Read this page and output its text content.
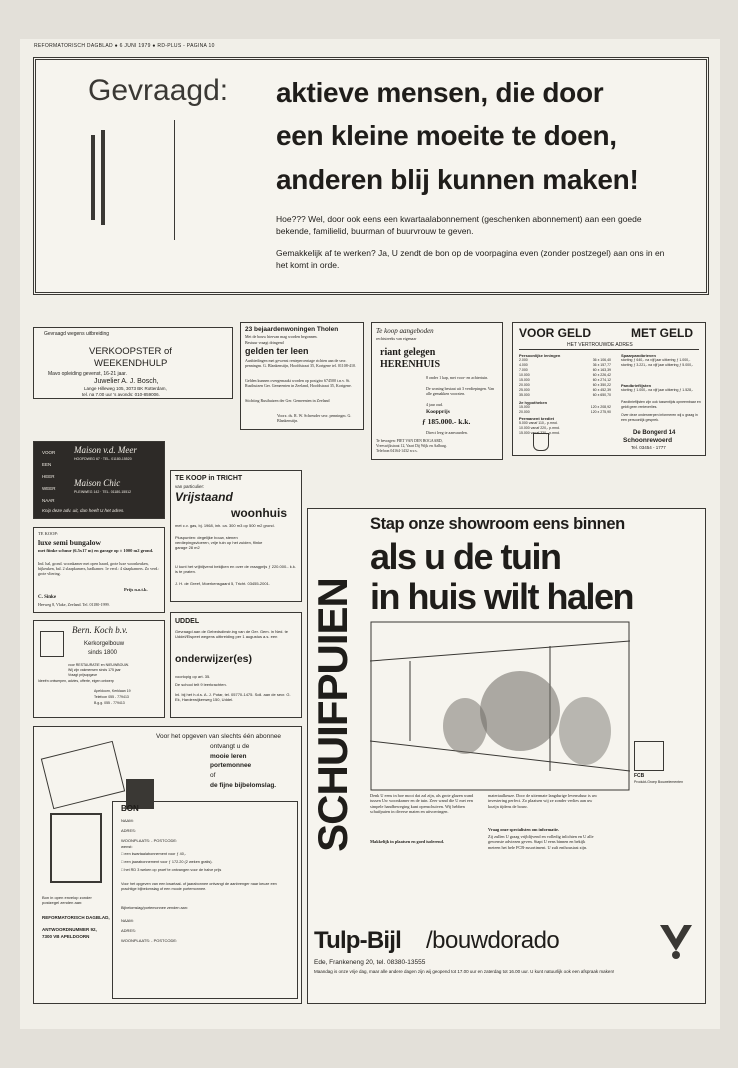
REFORMATORISCH DAGBLAD ● 6 JUNI 1979 ● RD-PLUS - PAGINA 10
Gevraagd: aktieve mensen, die door
een kleine moeite te doen,
anderen blij kunnen maken!
Hoe??? Wel, door ook eens een kwartaalabonnement (geschenken abonnement) aan een goede bekende, familielid, buurman of buurvrouw te geven.
Gemakkelijk af te werken? Ja, U zendt de bon op de voorpagina even (zonder postzegel) aan ons in en het komt in orde.
Gevraagd wegens uitbreiding
VERKOOPSTER of
WEEKENDHULP
Mavo opleiding gevenst, 16-21 jaar.
Juwelier A. J. Bosch,
Lange Hilleweg 105, 3073 BK Rotterdam,
tel. na 7.00 uur 's avonds: 010-859006.
23 bejaardenwoningen Tholen
Met de bouw hiervan mag worden begonnen.
Bestuur vraagt dringend
gelden ter leen
Aanbiedingen met gewenst rentepercentage richten aan de secr. penningm. G. Blankenstijn, Hoofdstraat 35, Kortgene tel. 01108-410.
Gelden kunnen overgemaakt worden op postgiro 674500 t.n.v. St. Rusthuizen Ger. Gemeenten in Zeeland, Hoofdstraat 35, Kortgene.
Stichting Rusthuizen der Ger. Gemeenten in Zeeland
Voorz. ds. R. W. Schreuder secr. penningm. G. Blankenstijn.
Te koop aangeboden
rechtstreeks van eigenaar
riant gelegen
HERENHUIS
8 onder 1 kap, met voor- en achtertuin.
De woning bestaat uit 3 verdiepingen. Van alle gemakken voorzien.
4 jaar oud.
Koopprijs
ƒ 185.000.- k.k.
Direct leeg te aanvaarden.
Te bevragen: PIET VAN DEN BOGAARD,
Vreeswijkstraat 12, Vaart Dij Wijk en Aalburg.
Telefoon 04164-1432 n.v.s.
VOOR GELD	MET GELD
HET VERTROUWDE ADRES
Persoonlijke leningen
2.000	36 x 106,40
4.000	36 x 157,77
7.000	60 x 163,39
10.000	60 x 226,42
15.000	60 x 274,12
20.000	60 x 350,22
25.000	60 x 452,39
35.000	60 x 650,70
2e hypotheken
15.000	120 x 208,92
20.000	120 x 275,90
Permanent krediet
5.000 vanaf 110,- p.mnd.
10.000 vanaf 220,- p.mnd.
15.000 vanaf 330,- p.mnd.
Spaarpandbrieven
storting ƒ 640,- na vijf jaar uitkering ƒ 1.000,-
storting ƒ 3.221,- na vijf jaar uitkering ƒ 5.000,-
Pandbrieflijsten
storting ƒ 1.000,- na vijf jaar uitkering ƒ 1.528,-
Pandbrieflijsten zijn ook tussentijds opneembaar en geldt geen renteverlies.
Over deze onderwerpen informeren wij u graag in een persoonlijk gesprek.
De Bongerd 14
Schoonrewoerd
Tel. 03454 - 1777
VOOR
EEN
HEER
WEER
NAAR
Maison v.d. Meer
HOOFDWEG 67 · TEL. 01180-15520
Maison Chic
PLEINWEG 142 · TEL. 01180-15512
Knip deze adv. uit, dan heeft U het adres.
TE KOOP:
luxe semi bungalow
met fiinke schuur (6.5x17 m) en garage op ± 1000 m2 grond.
Ind. hal, grond. woonkamer met open haard, grote luxe woonkeuken, bijkeuken, bal. 2 slaapkamers, badkamer. 1e verd.: 4 slaapkamers. Zo verd.: grote vliering.
Prijs n.o.t.k.
C. Sinke
Heeweg 8, Vlake, Zeeland. Tel. 01180-1999.
Bern. Koch b.v.
Kerkorgelbouw
sinds 1800
voor RESTAURATIE en NIEUWBOUW.
Wij zijn vakmensen sinds 175 jaar
Vraagt prijsopgave
Ideeën ontwerpen, advies, offerte, eigen ontwerp
Apeldoorn, Kerklaan 19
Telefoon 055 - 779413
B.g.g. 055 - 779413
TE KOOP in TRICHT
van particulier:
Vrijstaand
woonhuis
met c.v. gas, bj. 1968, inh. ca. 300 m3 op 500 m2 grond.
Pluspunten: degelijke bouw, stenen verdiepingsvloeren, vrije tuin op het zuiden, flinke garage 28 m2
U kunt het vrijblijvend bekijken en over de vraagprijs ƒ 220.000.- k.k. is te praten.
J. H. de Greef, Moerkensgaard 5, Tricht. 03455-2001.
UDDEL
Gevraagd aan de Gebedsdinstr.ing van de Ger. Gem. in Ned. te Uddel/Elspeet wegens uitbreiding per 1 augustus a.s. een
onderwijzer(es)
voorlopig op art. 35.
De school telt 9 leerkrachten.
Inl. bij het h.d.s. A. J. Potar, tel. 05770-1475. Soll. aan de secr. G. Ek, Harderwijkerweg 150, Uddel.
Voor het opgeven van slechts één abonnee
ontvangt u de
mooie leren
portemonnee
of
de fijne bijbelomslag.
BON
NAAM:
ADRES:
WOONPLAATS: - POSTCODE:
wenst:
□ een kwartaalabonnement voor ƒ 40,-
□ een jaarabonnement voor ƒ 172.20 (2 weken gratis).
□ het RD 3 weken op proef te ontvangen voor de halve prijs
Voor het opgeven van een kwartaal- of jaarabonnee ontvangt de aanbrenger naar keuze een prachtige bijbelomslag of een mooie portemonnee.
Bijbelomslag/portemonnee zenden aan:
NAAM:
ADRES:
WOONPLAATS: - POSTCODE:
Bon in open envelop zonder postzegel zenden aan:
REFORMATORISCH DAGBLAD,
ANTWOORDNUMMER 92,
7300 VB APELDOORN
SCHUIFPUIEN
Stap onze showroom eens binnen
als u de tuin
in huis wilt halen
FCB
Produkt-Groep Bouwelementen
Denk U eens in hoe mooi dat zal zijn, als grote glazen wand tussen Uw woonkamer en de tuin. Zeer wand die U met een simpele handbeweging kunt openschuiven. Wij hebben schuifpuien in diverse maten en uitvoeringen.
Makkelijk in plaatsen en goed isolerend.
materiaalkeuze. Door de uitermate langdurige levensduur is uw investering perfect. Zo plaatsen wij ze zonder verlies aan uw kozijn tijdens de bouw.
Vraag onze specialisten om informatie.
Zij zullen U graag vrijblijvend en volledig inlichten en U alle gewenste adviezen geven. Stapt U eens binnen en bekijk meteen het hele FCB-assortiment. U zult enthousiast zijn.
Tulp-Bijl /bouwdorado
Ede, Frankeneng 20, tel. 08380-13555
Maandag is onze vrije dag, maar alle andere dagen zijn wij geopend tot 17.00 uur en zaterdag tot 16.00 uur. U kunt natuurlijk ook een afspraak maken!
